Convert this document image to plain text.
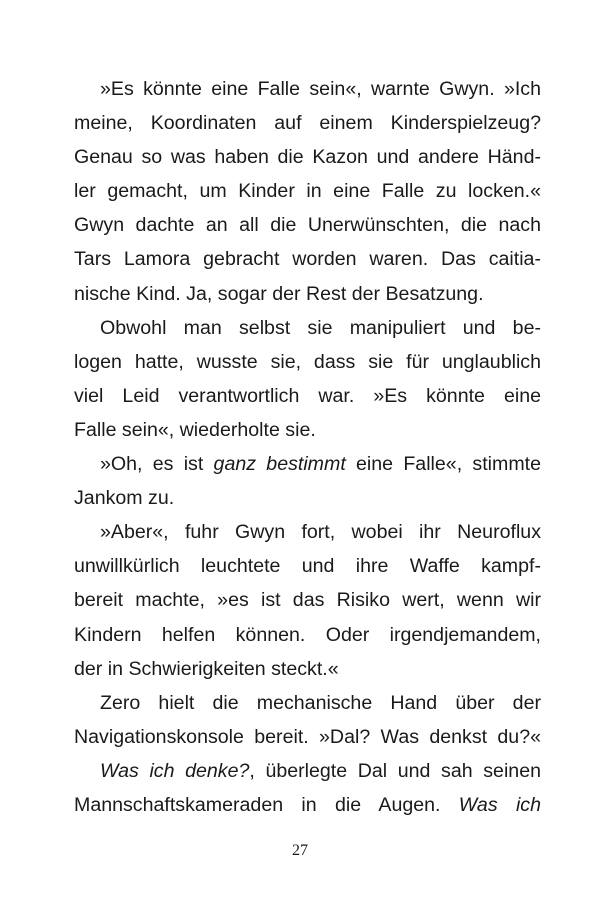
»Es könnte eine Falle sein«, warnte Gwyn. »Ich
meine, Koordinaten auf einem Kinderspielzeug?
Genau so was haben die Kazon und andere Händ-
ler gemacht, um Kinder in eine Falle zu locken.«
Gwyn dachte an all die Unerwünschten, die nach
Tars Lamora gebracht worden waren. Das caitia-
nische Kind. Ja, sogar der Rest der Besatzung.
Obwohl man selbst sie manipuliert und be-
logen hatte, wusste sie, dass sie für unglaublich
viel Leid verantwortlich war. »Es könnte eine
Falle sein«, wiederholte sie.
»Oh, es ist ganz bestimmt eine Falle«, stimmte
Jankom zu.
»Aber«, fuhr Gwyn fort, wobei ihr Neuroflux
unwillkürlich leuchtete und ihre Waffe kampf-
bereit machte, »es ist das Risiko wert, wenn wir
Kindern helfen können. Oder irgendjemandem,
der in Schwierigkeiten steckt.«
Zero hielt die mechanische Hand über der
Navigationskonsole bereit. »Dal? Was denkst du?«
Was ich denke?, überlegte Dal und sah seinen
Mannschaftskameraden in die Augen. Was ich
27
